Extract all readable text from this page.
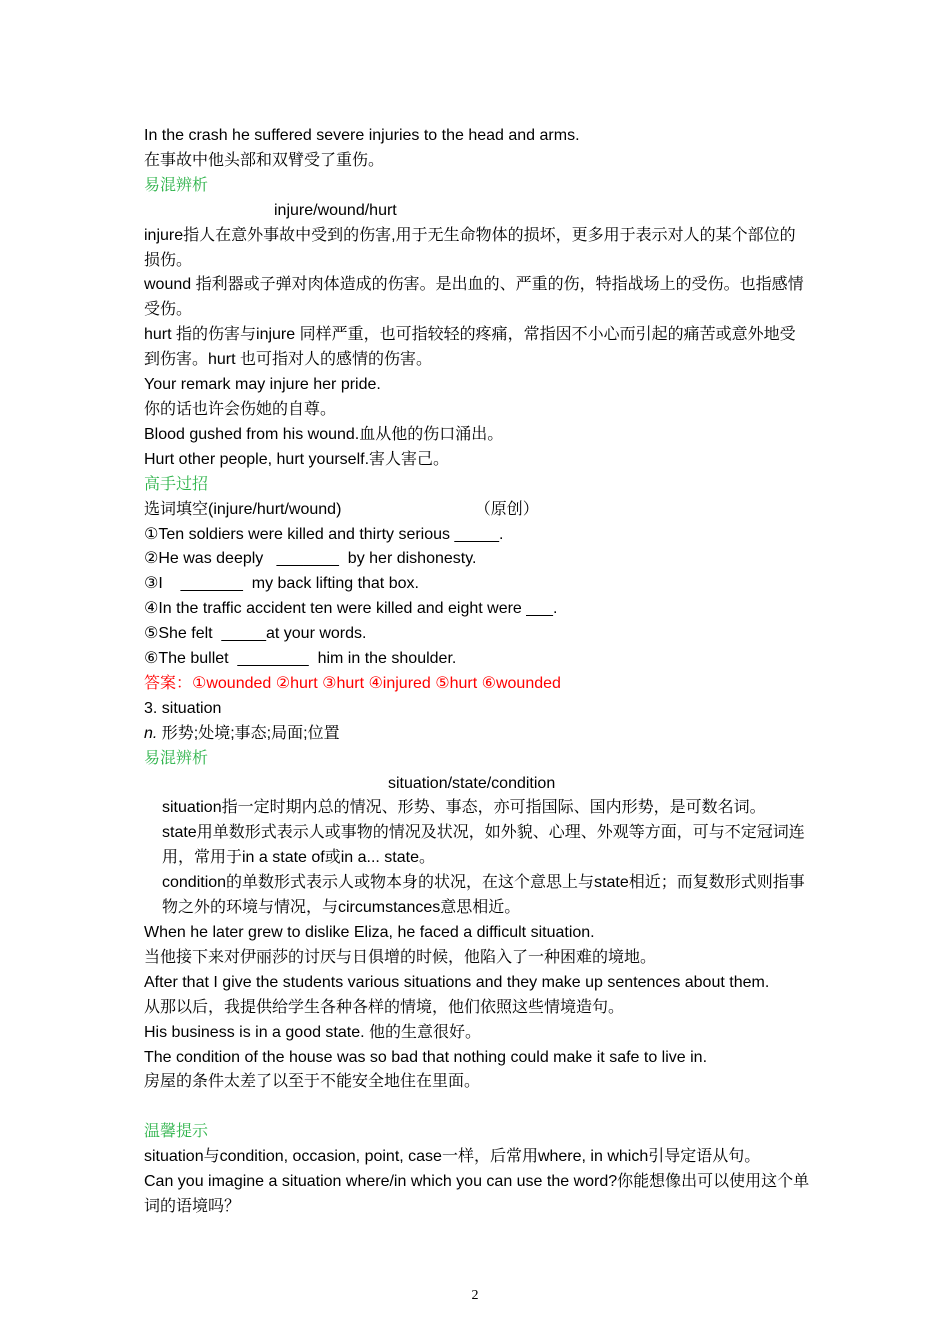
In the crash he suffered severe injuries to the head and arms.
在事故中他头部和双臂受了重伤。
易混辨析
injure/wound/hurt
injure指人在意外事故中受到的伤害,用于无生命物体的损坏，更多用于表示对人的某个部位的损伤。
wound 指利器或子弹对肉体造成的伤害。是出血的、严重的伤，特指战场上的受伤。也指感情受伤。
hurt 指的伤害与injure 同样严重，也可指较轻的疼痛，常指因不小心而引起的痛苦或意外地受到伤害。hurt 也可指对人的感情的伤害。
Your remark may injure her pride.
你的话也许会伤她的自尊。
Blood gushed from his wound.血从他的伤口涌出。
Hurt other people, hurt yourself.害人害己。
高手过招
选词填空(injure/hurt/wound)                              （原创）
①Ten soldiers were killed and thirty serious _____.
②He was deeply   _______  by her dishonesty.
③I    _______  my back lifting that box.
④In the traffic accident ten were killed and eight were ___.
⑤She felt  _____at your words.
⑥The bullet  ________  him in the shoulder.
答案：①wounded ②hurt ③hurt ④injured ⑤hurt ⑥wounded
3. situation
n. 形势;处境;事态;局面;位置
易混辨析
situation/state/condition
situation指一定时期内总的情况、形势、事态，亦可指国际、国内形势，是可数名词。
state用单数形式表示人或事物的情况及状况，如外貌、心理、外观等方面，可与不定冠词连用，常用于in a state of或in a... state。
condition的单数形式表示人或物本身的状况，在这个意思上与state相近；而复数形式则指事物之外的环境与情况，与circumstances意思相近。
When he later grew to dislike Eliza, he faced a difficult situation.
当他接下来对伊丽莎的讨厌与日俱增的时候，他陷入了一种困难的境地。
After that I give the students various situations and they make up sentences about them.
从那以后，我提供给学生各种各样的情境，他们依照这些情境造句。
His business is in a good state. 他的生意很好。
The condition of the house was so bad that nothing could make it safe to live in.
房屋的条件太差了以至于不能安全地住在里面。
温馨提示
situation与condition, occasion, point, case一样，后常用where, in which引导定语从句。
Can you imagine a situation where/in which you can use the word?你能想像出可以使用这个单词的语境吗？
2
